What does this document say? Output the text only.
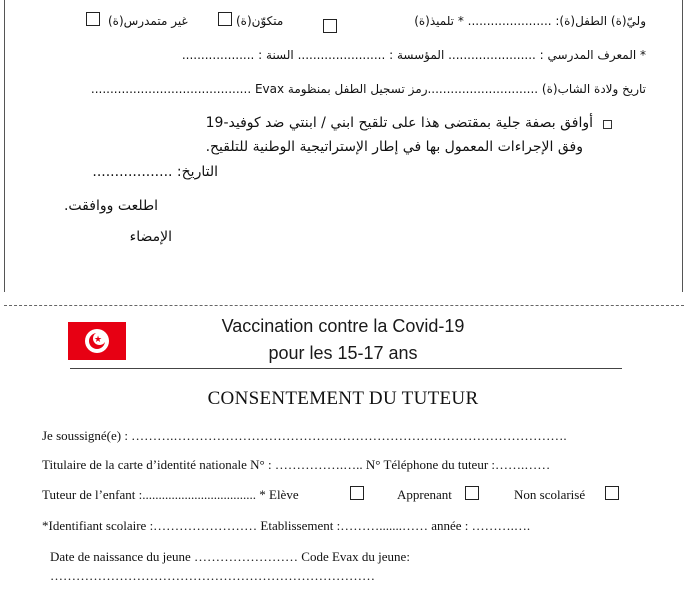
وليّ(ة) الطفل(ة): ...................... * تلميذ(ة)
متكوّن(ة)
غير متمدرس(ة)
* المعرف المدرسي : ....................... المؤسسة : ....................... السنة : ...................
تاريخ ولادة الشاب(ة) .............................رمز تسجيل الطفل بمنظومة Evax ..........................................
أوافق بصفة جلية بمقتضى هذا على تلقيح ابني / ابنتي ضد كوفيد-19
وفق الإجراءات المعمول بها في إطار الإستراتيجية الوطنية للتلقيح.
التاريخ: ..................
اطلعت ووافقت.
الإمضاء
★
Vaccination contre la Covid-19
pour les 15-17 ans
CONSENTEMENT DU TUTEUR
Je soussigné(e) : ……….……………………………………………………………………………….
Titulaire de la carte d’identité nationale N° : …………….….. N° Téléphone du tuteur :…….……
Tuteur de l’enfant :................................... * Elève	Apprenant	Non scolarisé
*Identifiant scolaire :…………………… Etablissement :……….......…… année : ……….….
Date de naissance du jeune …………………… Code Evax du jeune:
…………………………………………………………………
